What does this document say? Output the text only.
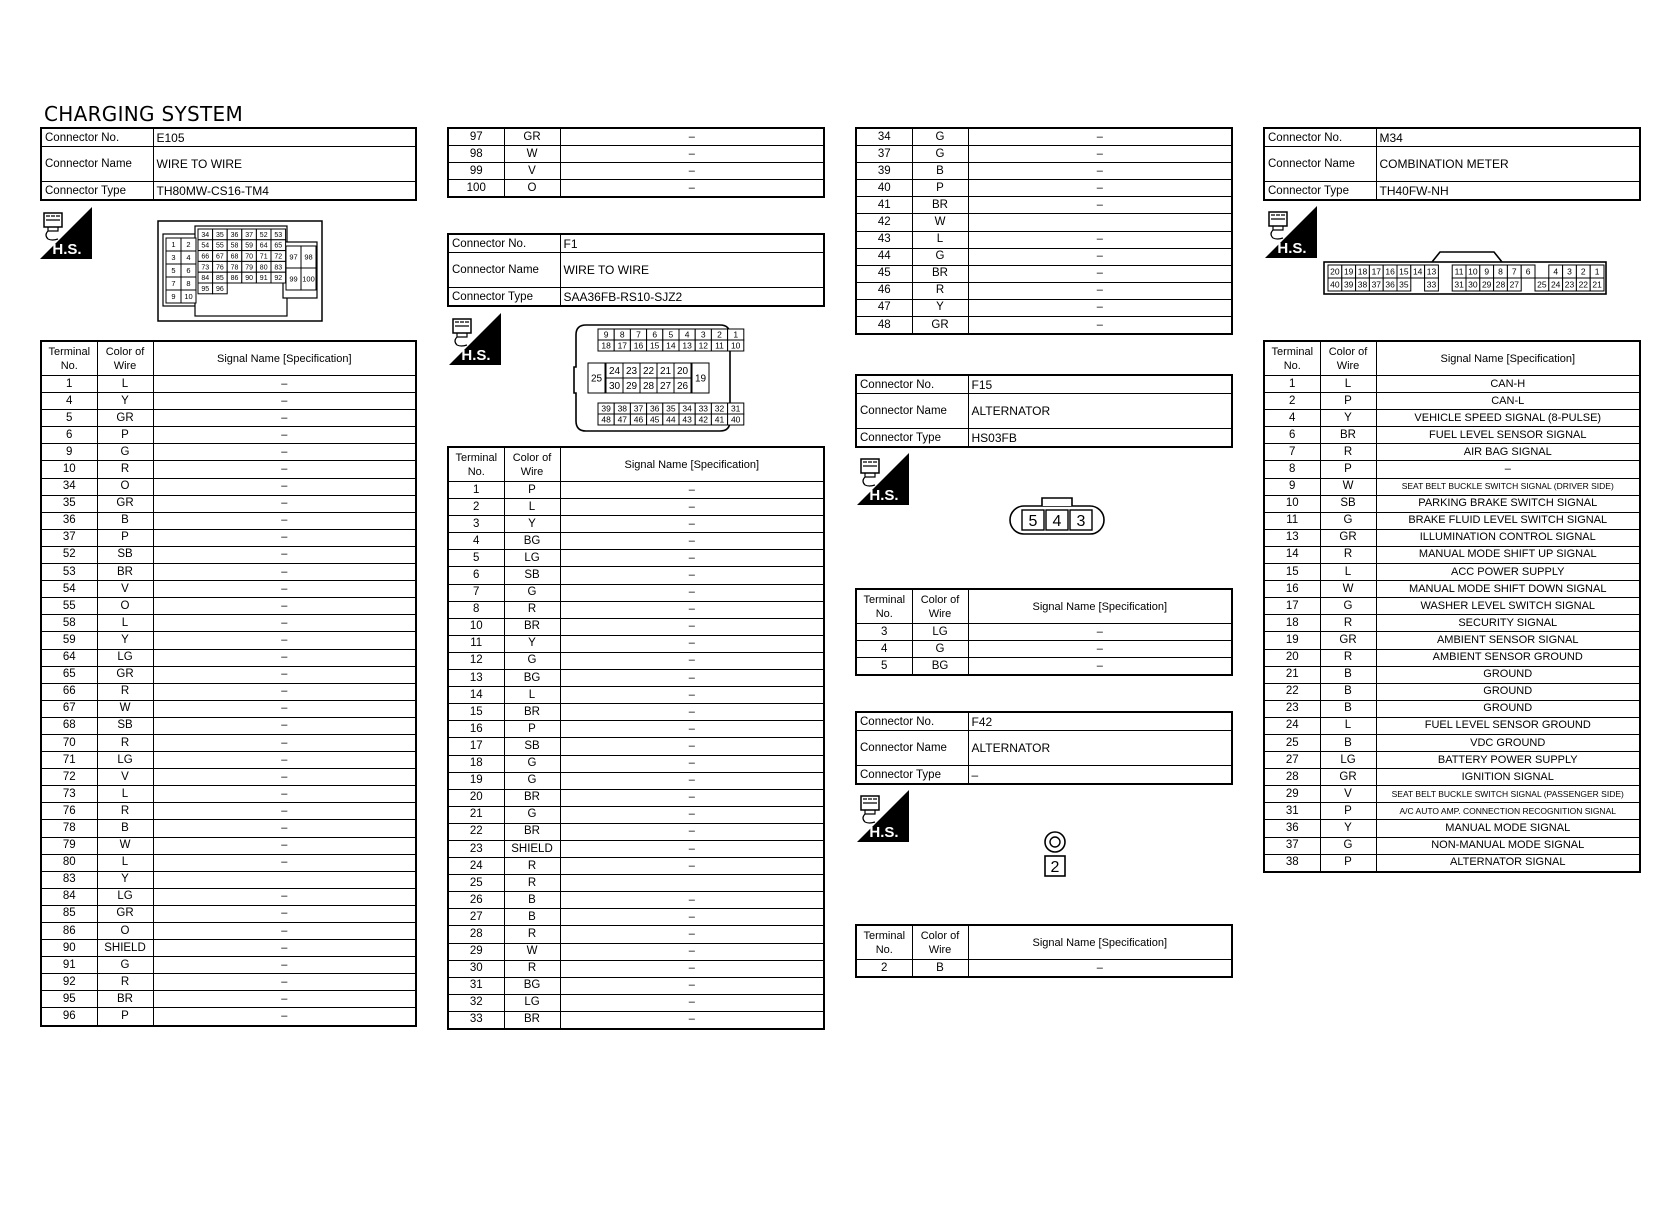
CHARGING SYSTEM
Connector No.	E105
Connector Name	WIRE TO WIRE
Connector Type	TH80MW-CS16-TM4
H.S.	1 2
3 4
5 6
7 8
9 10
34 35 36 37 52 53
54 55 58 59 64 65
66 67 68 70 71 72
73 76 78 79 80 83
84 85 86 90 91 92
95 96
97 98
99 100
Terminal No.	Color of Wire	Signal Name [Specification]
1	L	–
4	Y	–
5	GR	–
6	P	–
9	G	–
10	R	–
34	O	–
35	GR	–
36	B	–
37	P	–
52	SB	–
53	BR	–
54	V	–
55	O	–
58	L	–
59	Y	–
64	LG	–
65	GR	–
66	R	–
67	W	–
68	SB	–
70	R	–
71	LG	–
72	V	–
73	L	–
76	R	–
78	B	–
79	W	–
80	L	–
83	Y	
84	LG	–
85	GR	–
86	O	–
90	SHIELD	–
91	G	–
92	R	–
95	BR	–
96	P	–
97	GR	–
98	W	–
99	V	–
100	O	–
Connector No.	F1
Connector Name	WIRE TO WIRE
Connector Type	SAA36FB-RS10-SJZ2
H.S.
9 8 7 6 5 4 3 2 1
18 17 16 15 14 13 12 11 10
25
24 23 22 21 20
19
30 29 28 27 26
39 38 37 36 35 34 33 32 31
48 47 46 45 44 43 42 41 40
Terminal No.	Color of Wire	Signal Name [Specification]
1	P	–
2	L	–
3	Y	–
4	BG	–
5	LG	–
6	SB	–
7	G	–
8	R	–
10	BR	–
11	Y	–
12	G	–
13	BG	–
14	L	–
15	BR	–
16	P	–
17	SB	–
18	G	–
19	G	–
20	BR	–
21	G	–
22	BR	–
23	SHIELD	–
24	R	–
25	R	
26	B	–
27	B	–
28	R	–
29	W	–
30	R	–
31	BG	–
32	LG	–
33	BR	–
34	G	–
37	G	–
39	B	–
40	P	–
41	BR	–
42	W	
43	L	–
44	G	–
45	BR	–
46	R	–
47	Y	–
48	GR	–
Connector No.	F15
Connector Name	ALTERNATOR
Connector Type	HS03FB
H.S.
5 4 3
Terminal No.	Color of Wire	Signal Name [Specification]
3	LG	–
4	G	–
5	BG	–
Connector No.	F42
Connector Name	ALTERNATOR
Connector Type	–
H.S.
2
Terminal No.	Color of Wire	Signal Name [Specification]
2	B	–
Connector No.	M34
Connector Name	COMBINATION METER
Connector Type	TH40FW-NH
H.S.
20 19 18 17 16 15 14 13 11 10 9 8 7 6	4 3 2 1
40 39 38 37 36 35 33 31 30 29 28 27 25 24 23 22 21
Terminal No.	Color of Wire	Signal Name [Specification]
1	L	CAN-H
2	P	CAN-L
4	Y	VEHICLE SPEED SIGNAL (8-PULSE)
6	BR	FUEL LEVEL SENSOR SIGNAL
7	R	AIR BAG SIGNAL
8	P	–
9	W	SEAT BELT BUCKLE SWITCH SIGNAL (DRIVER SIDE)
10	SB	PARKING BRAKE SWITCH SIGNAL
11	G	BRAKE FLUID LEVEL SWITCH SIGNAL
13	GR	ILLUMINATION CONTROL SIGNAL
14	R	MANUAL MODE SHIFT UP SIGNAL
15	L	ACC POWER SUPPLY
16	W	MANUAL MODE SHIFT DOWN SIGNAL
17	G	WASHER LEVEL SWITCH SIGNAL
18	R	SECURITY SIGNAL
19	GR	AMBIENT SENSOR SIGNAL
20	R	AMBIENT SENSOR GROUND
21	B	GROUND
22	B	GROUND
23	B	GROUND
24	L	FUEL LEVEL SENSOR GROUND
25	B	VDC GROUND
27	LG	BATTERY POWER SUPPLY
28	GR	IGNITION SIGNAL
29	V	SEAT BELT BUCKLE SWITCH SIGNAL (PASSENGER SIDE)
31	P	A/C AUTO AMP. CONNECTION RECOGNITION SIGNAL
36	Y	MANUAL MODE SIGNAL
37	G	NON-MANUAL MODE SIGNAL
38	P	ALTERNATOR SIGNAL
